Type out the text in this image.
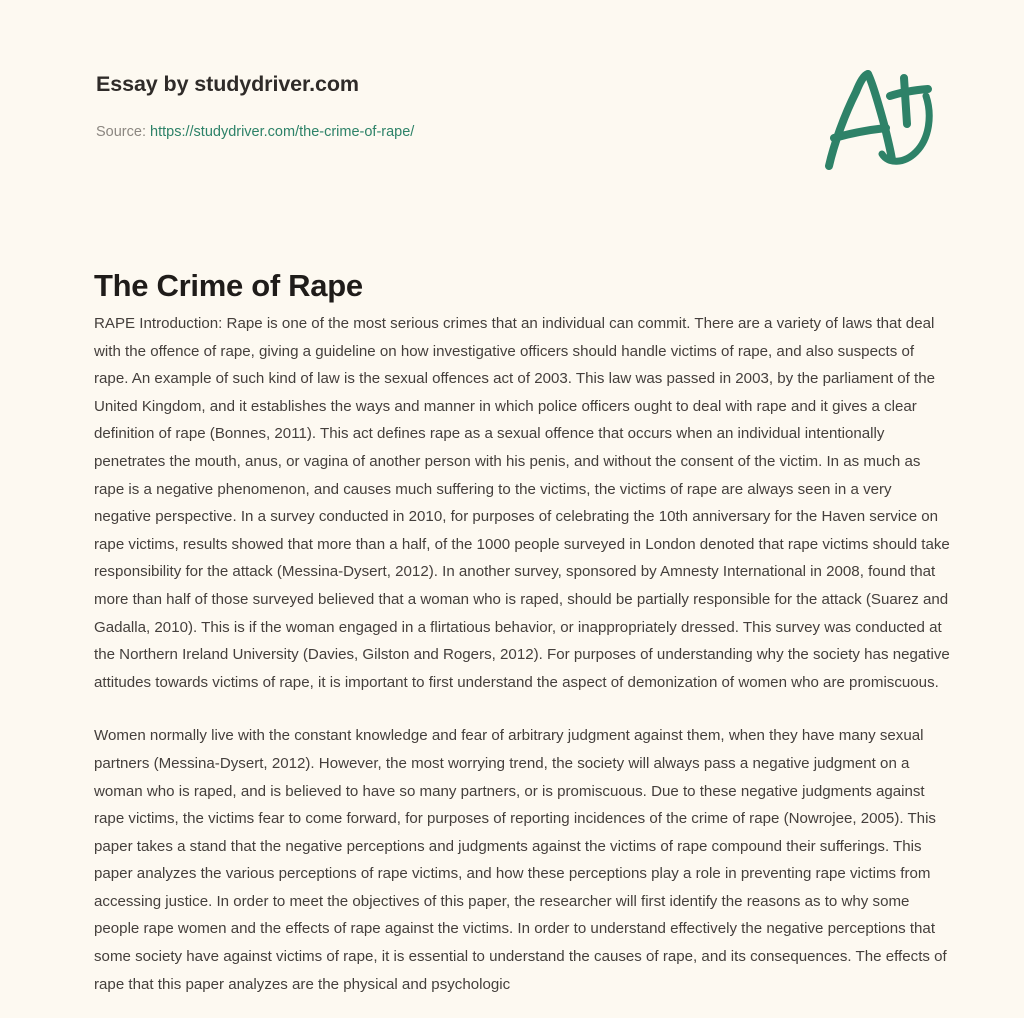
Essay by studydriver.com
Source: https://studydriver.com/the-crime-of-rape/
The Crime of Rape

RAPE Introduction: Rape is one of the most serious crimes that an individual can commit. There are a variety of laws that deal with the offence of rape, giving a guideline on how investigative officers should handle victims of rape, and also suspects of rape. An example of such kind of law is the sexual offences act of 2003. This law was passed in 2003, by the parliament of the United Kingdom, and it establishes the ways and manner in which police officers ought to deal with rape and it gives a clear definition of rape (Bonnes, 2011). This act defines rape as a sexual offence that occurs when an individual intentionally penetrates the mouth, anus, or vagina of another person with his penis, and without the consent of the victim. In as much as rape is a negative phenomenon, and causes much suffering to the victims, the victims of rape are always seen in a very negative perspective. In a survey conducted in 2010, for purposes of celebrating the 10th anniversary for the Haven service on rape victims, results showed that more than a half, of the 1000 people surveyed in London denoted that rape victims should take responsibility for the attack (Messina-Dysert, 2012). In another survey, sponsored by Amnesty International in 2008, found that more than half of those surveyed believed that a woman who is raped, should be partially responsible for the attack (Suarez and Gadalla, 2010). This is if the woman engaged in a flirtatious behavior, or inappropriately dressed. This survey was conducted at the Northern Ireland University (Davies, Gilston and Rogers, 2012). For purposes of understanding why the society has negative attitudes towards victims of rape, it is important to first understand the aspect of demonization of women who are promiscuous.

Women normally live with the constant knowledge and fear of arbitrary judgment against them, when they have many sexual partners (Messina-Dysert, 2012). However, the most worrying trend, the society will always pass a negative judgment on a woman who is raped, and is believed to have so many partners, or is promiscuous. Due to these negative judgments against rape victims, the victims fear to come forward, for purposes of reporting incidences of the crime of rape (Nowrojee, 2005). This paper takes a stand that the negative perceptions and judgments against the victims of rape compound their sufferings. This paper analyzes the various perceptions of rape victims, and how these perceptions play a role in preventing rape victims from accessing justice. In order to meet the objectives of this paper, the researcher will first identify the reasons as to why some people rape women and the effects of rape against the victims. In order to understand effectively the negative perceptions that some society have against victims of rape, it is essential to understand the causes of rape, and its consequences. The effects of rape that this paper analyzes are the physical and psychologic
